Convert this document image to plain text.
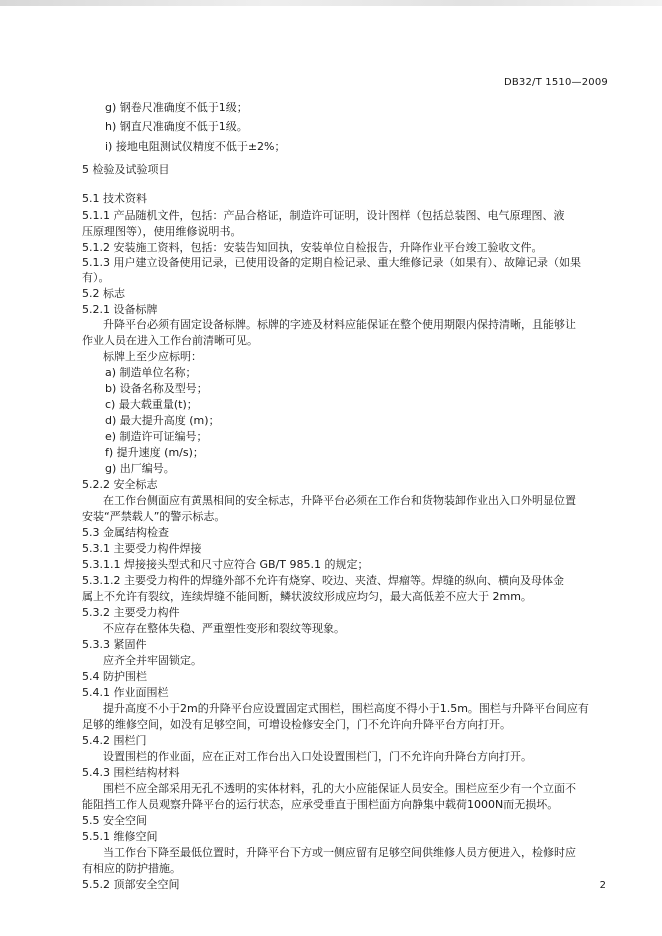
DB32/T 1510—2009
g) 钢卷尺准确度不低于1级；
h) 钢直尺准确度不低于1级。
i) 接地电阻测试仪精度不低于±2%；
5 检验及试验项目
5.1 技术资料
5.1.1 产品随机文件，包括：产品合格证，制造许可证明，设计图样（包括总装图、电气原理图、液
压原理图等），使用维修说明书。
5.1.2 安装施工资料，包括：安装告知回执，安装单位自检报告，升降作业平台竣工验收文件。
5.1.3 用户建立设备使用记录，已使用设备的定期自检记录、重大维修记录（如果有）、故障记录（如果
有）。
5.2 标志
5.2.1 设备标牌
升降平台必须有固定设备标牌。标牌的字迹及材料应能保证在整个使用期限内保持清晰，且能够让
作业人员在进入工作台前清晰可见。
标牌上至少应标明：
a) 制造单位名称；
b) 设备名称及型号；
c) 最大载重量(t)；
d) 最大提升高度 (m)；
e) 制造许可证编号；
f) 提升速度 (m/s)；
g) 出厂编号。
5.2.2 安全标志
在工作台侧面应有黄黑相间的安全标志，升降平台必须在工作台和货物装卸作业出入口外明显位置
安装“严禁载人”的警示标志。
5.3 金属结构检查
5.3.1 主要受力构件焊接
5.3.1.1 焊接接头型式和尺寸应符合 GB/T 985.1 的规定；
5.3.1.2 主要受力构件的焊缝外部不允许有烧穿、咬边、夹渣、焊瘤等。焊缝的纵向、横向及母体金
属上不允许有裂纹，连续焊缝不能间断，鳞状波纹形成应均匀，最大高低差不应大于 2mm。
5.3.2 主要受力构件
不应存在整体失稳、严重塑性变形和裂纹等现象。
5.3.3 紧固件
应齐全并牢固锁定。
5.4 防护围栏
5.4.1 作业面围栏
提升高度不小于2m的升降平台应设置固定式围栏，围栏高度不得小于1.5m。围栏与升降平台间应有
足够的维修空间，如没有足够空间，可增设检修安全门，门不允许向升降平台方向打开。
5.4.2 围栏门
设置围栏的作业面，应在正对工作台出入口处设置围栏门，门不允许向升降台方向打开。
5.4.3 围栏结构材料
围栏不应全部采用无孔不透明的实体材料，孔的大小应能保证人员安全。围栏应至少有一个立面不
能阻挡工作人员观察升降平台的运行状态，应承受垂直于围栏面方向静集中载荷1000N而无损坏。
5.5 安全空间
5.5.1 维修空间
当工作台下降至最低位置时，升降平台下方或一侧应留有足够空间供维修人员方便进入，检修时应
有相应的防护措施。
5.5.2 顶部安全空间	2
